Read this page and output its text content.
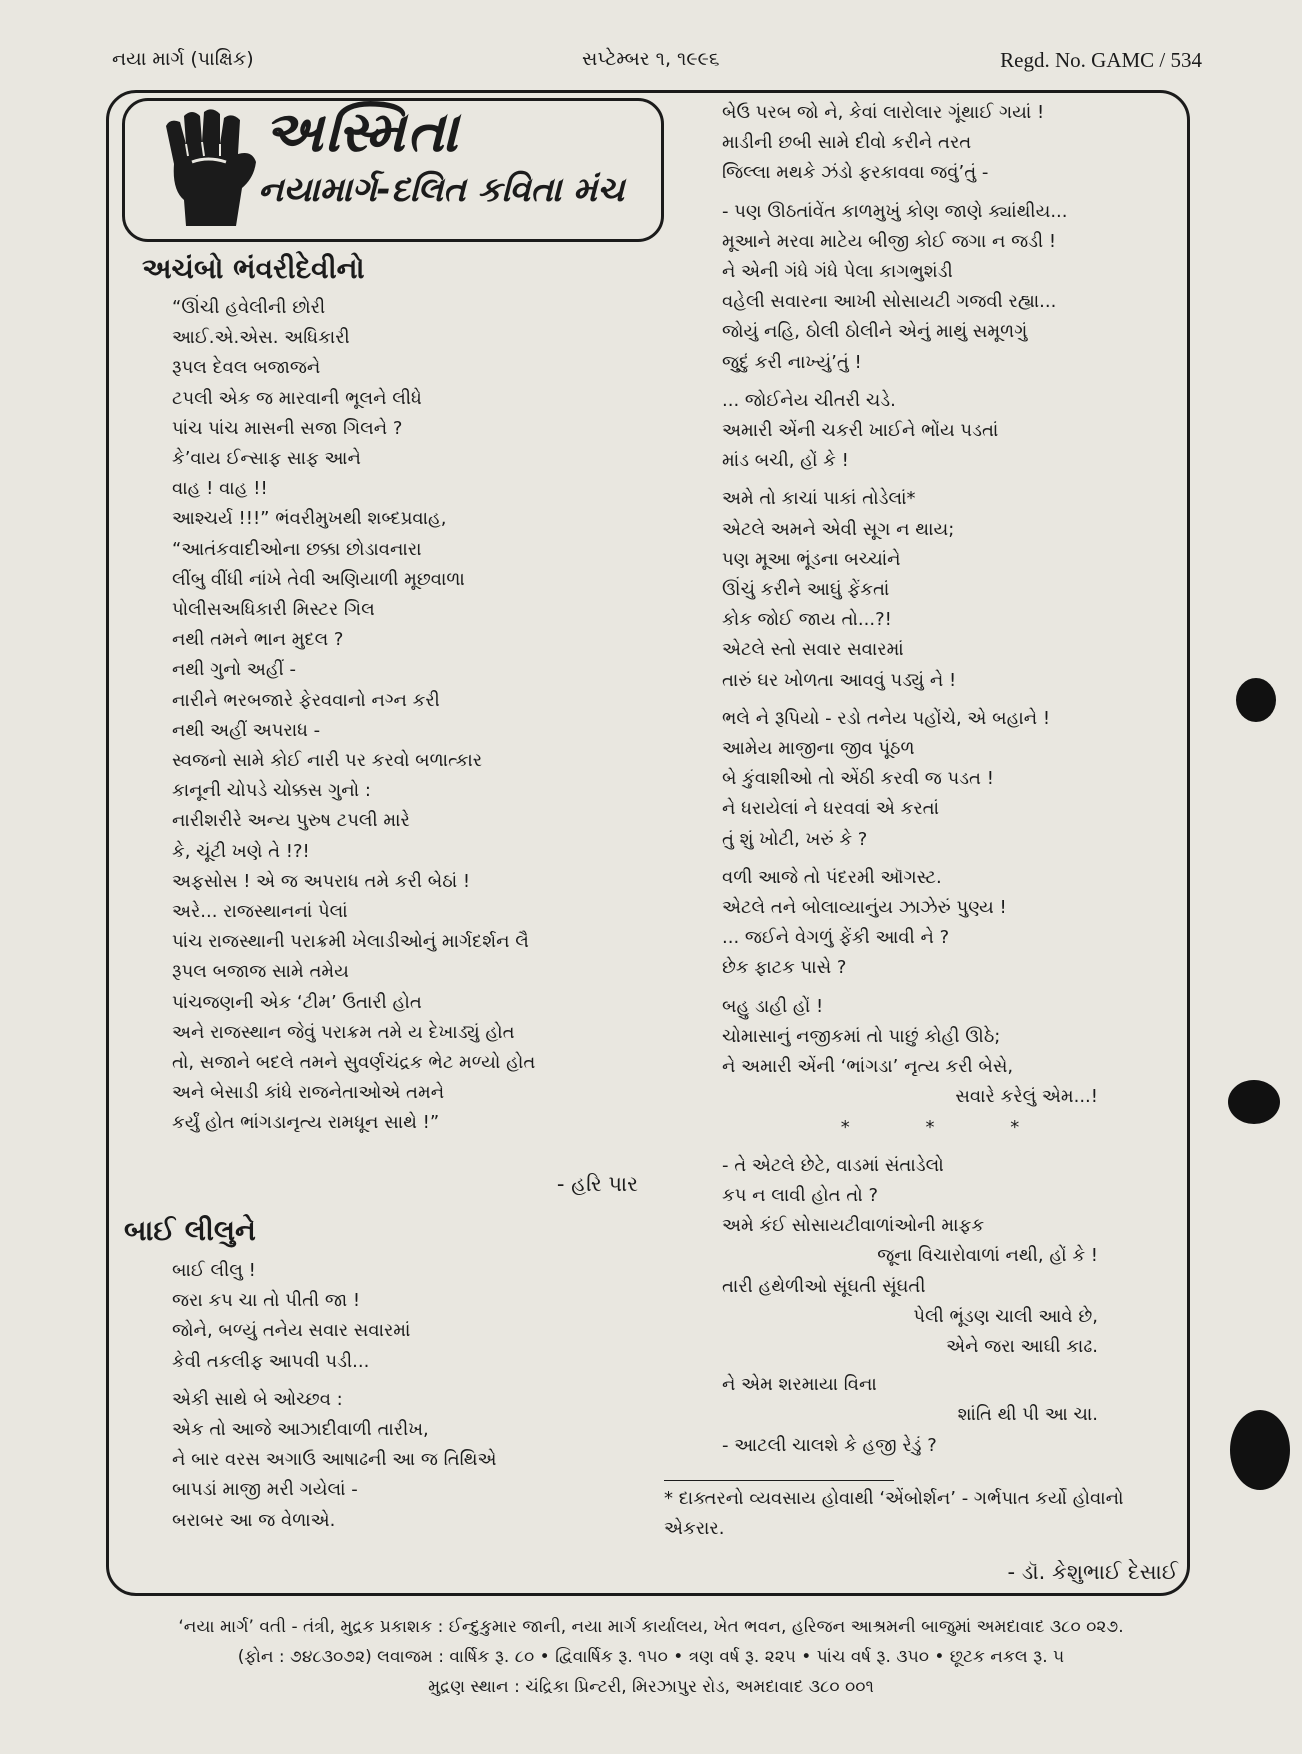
નયા માર્ગ (પાક્ષિક)	સપ્ટેમ્બર ૧, ૧૯૯૬	Regd. No. GAMC / 534
અસ્મિતા
નયામાર્ગ-દલિત કવિતા મંચ
અચંબો ભંવરીદેવીનો
“ઊંચી હવેલીની છોરી
આઈ.એ.એસ. અધિકારી
રૂપલ દેવલ બજાજને
ટપલી એક જ મારવાની ભૂલને લીધે
પાંચ પાંચ માસની સજા ગિલને ?
કે’વાય ઈન્સાફ સાફ આને
વાહ ! વાહ !!
આશ્ચર્ય !!!” ભંવરીમુખથી શબ્દપ્રવાહ,
“આતંકવાદીઓના છક્કા છોડાવનારા
લીંબુ વીંધી નાંખે તેવી અણિયાળી મૂછવાળા
પોલીસઅધિકારી મિસ્ટર ગિલ
નથી તમને ભાન મુદલ ?
નથી ગુનો અહીં -
નારીને ભરબજારે ફેરવવાનો નગ્ન કરી
નથી અહીં અપરાધ -
સ્વજનો સામે કોઈ નારી પર કરવો બળાત્કાર
કાનૂની ચોપડે ચોક્કસ ગુનો :
નારીશરીરે અન્ય પુરુષ ટપલી મારે
કે, ચૂંટી ખણે તે !?!
અફસોસ ! એ જ અપરાધ તમે કરી બેઠાં !
અરે... રાજસ્થાનનાં પેલાં
પાંચ રાજસ્થાની પરાક્રમી ખેલાડીઓનું માર્ગદર્શન લૈ
રૂપલ બજાજ સામે તમેય
પાંચજણની એક ‘ટીમ’ ઉતારી હોત
અને રાજસ્થાન જેવું પરાક્રમ તમે ય દેખાડ્યું હોત
તો, સજાને બદલે તમને સુવર્ણચંદ્રક ભેટ મળ્યો હોત
અને બેસાડી કાંધે રાજનેતાઓએ તમને
કર્યું હોત ભાંગડાનૃત્ય રામધૂન સાથે !”
- હરિ પાર
બાઈ લીલુને
બાઈ લીલુ !
જરા કપ ચા તો પીતી જા !
જોને, બળ્યું તનેય સવાર સવારમાં
કેવી તકલીફ આપવી પડી...
એકી સાથે બે ઓચ્છવ :
એક તો આજે આઝાદીવાળી તારીખ,
ને બાર વરસ અગાઉ આષાઢની આ જ તિથિએ
બાપડાં માજી મરી ગયેલાં -
બરાબર આ જ વેળાએ.
બેઉ પરબ જો ને, કેવાં લારોલાર ગૂંથાઈ ગયાં !
માડીની છબી સામે દીવો કરીને તરત
જિલ્લા મથકે ઝંડો ફરકાવવા જવું’તું -
- પણ ઊઠતાંવેંત કાળમુખું કોણ જાણે ક્યાંથીય...
મૂઆને મરવા માટેય બીજી કોઈ જગા ન જડી !
ને એની ગંધે ગંધે પેલા કાગભુશંડી
વહેલી સવારના આખી સોસાયટી ગજવી રહ્યા...
જોયું નહિ, ઠોલી ઠોલીને એનું માથું સમૂળગું
જુદું કરી નાખ્યું’તું !
... જોઈનેય ચીતરી ચડે.
અમારી એંની ચકરી ખાઈને ભોંય પડતાં
માંડ બચી, હોં કે !
અમે તો કાચાં પાકાં તોડેલાં*
એટલે અમને એવી સૂગ ન થાય;
પણ મૂઆ ભૂંડના બચ્ચાંને
ઊંચું કરીને આઘું ફેંકતાં
કોક જોઈ જાય તો...?!
એટલે સ્તો સવાર સવારમાં
તારું ઘર ખોળતા આવવું પડ્યું ને !
ભલે ને રૂપિયો - રડો તનેય પહોંચે, એ બહાને !
આમેય માજીના જીવ પૂંઠળ
બે કુંવાશીઓ તો એંઠી કરવી જ પડત !
ને ધરાયેલાં ને ધરવવાં એ કરતાં
તું શું ખોટી, ખરું કે ?
વળી આજે તો પંદરમી ઑગસ્ટ.
એટલે તને બોલાવ્યાનુંય ઝાઝેરું પુણ્ય !
... જઈને વેગળું ફેંકી આવી ને ?
છેક ફાટક પાસે ?
બહુ ડાહી હોં !
ચોમાસાનું નજીકમાં તો પાછું કોહી ઊઠે;
ને અમારી એંની ‘ભાંગડા’ નૃત્ય કરી બેસે,
સવારે કરેલું એમ...!
* * *
- તે એટલે છેટે, વાડમાં સંતાડેલો
કપ ન લાવી હોત તો ?
અમે કંઈ સોસાયટીવાળાંઓની માફક
જૂના વિચારોવાળાં નથી, હોં કે !
તારી હથેળીઓ સૂંઘતી સૂંઘતી
પેલી ભૂંડણ ચાલી આવે છે,
એને જરા આઘી કાઢ.
ને એમ શરમાયા વિના
શાંતિ થી પી આ ચા.
- આટલી ચાલશે કે હજી રેડું ?
* દાક્તરનો વ્યવસાય હોવાથી ‘એંબોર્શન’ - ગર્ભપાત કર્યો હોવાનો એકરાર.
- ડૉ. કેશુભાઈ દેસાઈ
‘નયા માર્ગ’ વતી - તંત્રી, મુદ્રક પ્રકાશક : ઈન્દુકુમાર જાની, નયા માર્ગ કાર્યાલય, ખેત ભવન, હરિજન આશ્રમની બાજુમાં અમદાવાદ ૩૮૦ ૦૨૭.
(ફોન : ૭૪૮૩૦૭૨) લવાજમ : વાર્ષિક રૂ. ૮૦ • દ્વિવાર્ષિક રૂ. ૧૫૦ • ત્રણ વર્ષ રૂ. ૨૨૫ • પાંચ વર્ષ રૂ. ૩૫૦ • છૂટક નકલ રૂ. ૫
મુદ્રણ સ્થાન : ચંદ્રિકા પ્રિન્ટરી, મિરઝાપુર રોડ, અમદાવાદ ૩૮૦ ૦૦૧
